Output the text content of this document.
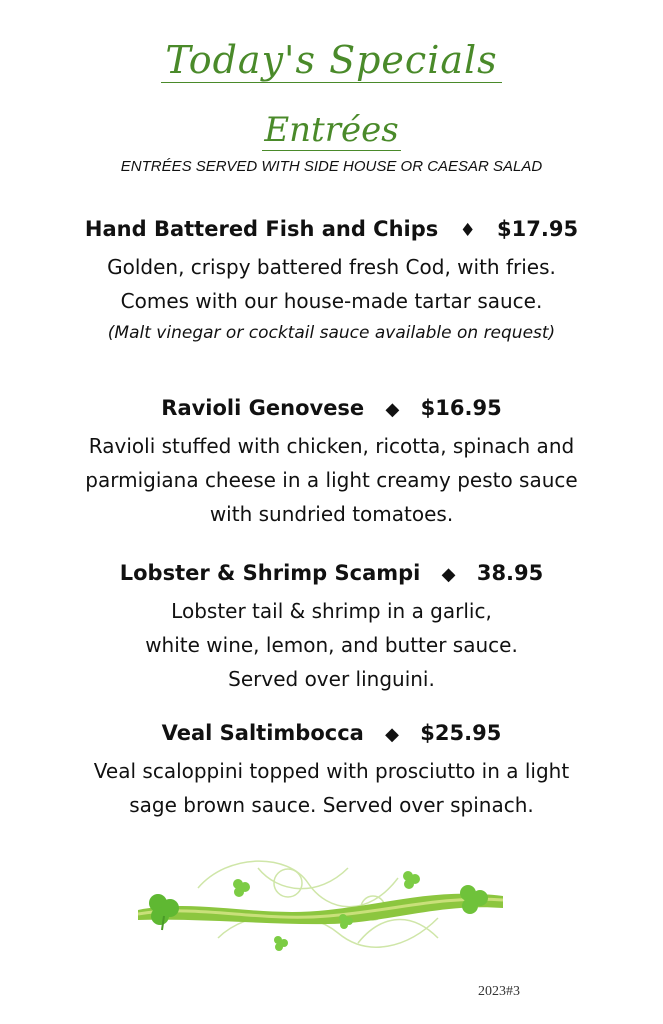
Today's Specials
Entrées
ENTRÉES SERVED WITH SIDE HOUSE OR CAESAR SALAD
Hand Battered Fish and Chips ♦ $17.95
Golden, crispy battered fresh Cod, with fries.
Comes with our house-made tartar sauce.
(Malt vinegar or cocktail sauce available on request)
Ravioli Genovese ◆ $16.95
Ravioli stuffed with chicken, ricotta, spinach and
parmigiana cheese in a light creamy pesto sauce
with sundried tomatoes.
Lobster & Shrimp Scampi ◆ 38.95
Lobster tail & shrimp in a garlic,
white wine, lemon, and butter sauce.
Served over linguini.
Veal Saltimbocca ◆ $25.95
Veal scaloppini topped with prosciutto in a light
sage brown sauce. Served over spinach.
2023#3
